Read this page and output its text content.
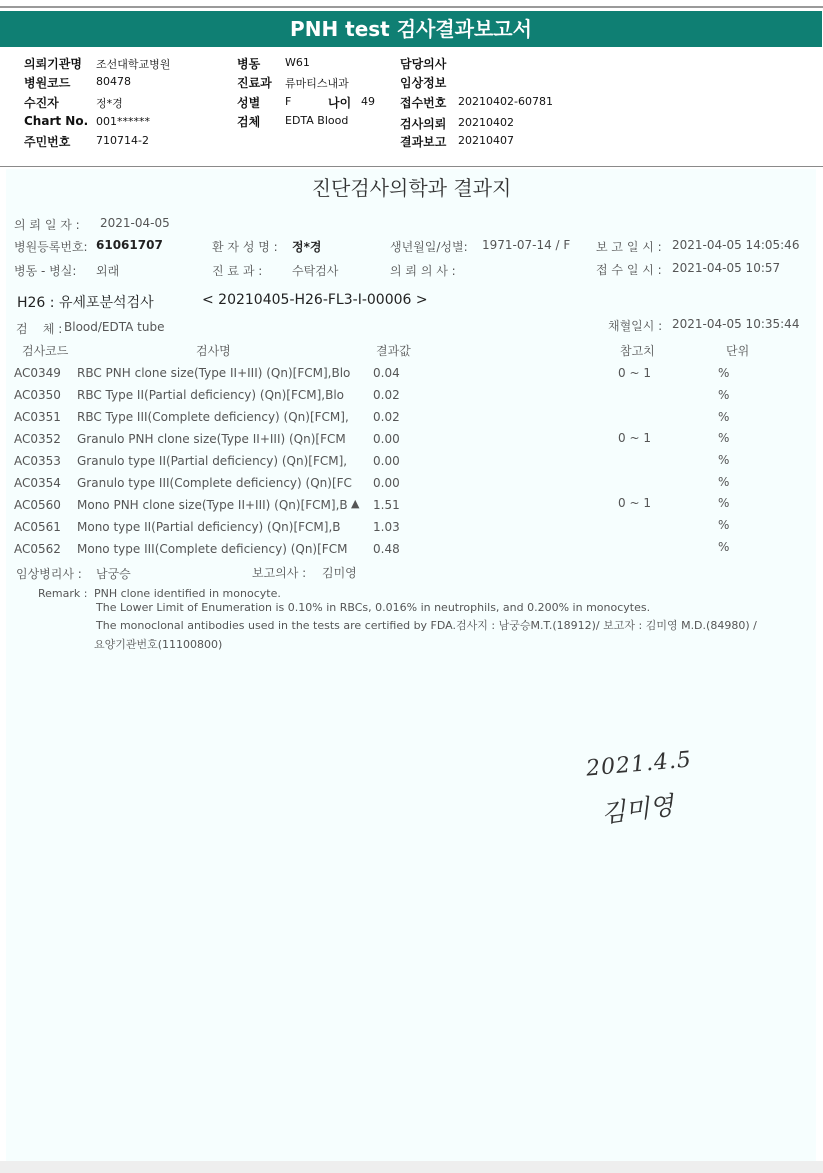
PNH test 검사결과보고서
의뢰기관명 조선대학교병원
병원코드 80478
수진자	정*경
Chart No. 001******
주민번호 710714-2
병동 W61
진료과 류마티스내과
성별 F	나이 49
검체 EDTA Blood
담당의사
임상정보
접수번호 20210402-60781
검사의뢰 20210402
결과보고 20210407
진단검사의학과 결과지
의 뢰 일 자 : 2021-04-05
병원등록번호: 61061707	환 자 성 명 : 정*경	생년월일/성별: 1971-07-14 / F 보 고 일 시 : 2021-04-05 14:05:46
병동 - 병실: 외래	진 료 과 : 수탁검사	의 뢰 의 사 :	접 수 일 시 : 2021-04-05 10:57
H26 : 유세포분석검사	< 20210405-H26-FL3-I-00006 >
검    체 : Blood/EDTA tube	채혈일시 : 2021-04-05 10:35:44
검사코드	검사명	결과값	참고치	단위
AC0349 RBC PNH clone size(Type II+III) (Qn)[FCM],Blo 0.04	0 ~ 1	%
AC0350 RBC Type II(Partial deficiency) (Qn)[FCM],Blo 0.02	%
AC0351 RBC Type III(Complete deficiency) (Qn)[FCM], 0.02	%
AC0352 Granulo PNH clone size(Type II+III) (Qn)[FCM 0.00	0 ~ 1	%
AC0353 Granulo type II(Partial deficiency) (Qn)[FCM], 0.00	%
AC0354 Granulo type III(Complete deficiency) (Qn)[FC 0.00	%
AC0560 Mono PNH clone size(Type II+III) (Qn)[FCM],B ▲ 1.51	0 ~ 1	%
AC0561 Mono type II(Partial deficiency) (Qn)[FCM],B	1.03	%
AC0562 Mono type III(Complete deficiency) (Qn)[FCM 0.48	%
임상병리사 : 남궁승	보고의사 : 김미영
Remark : PNH clone identified in monocyte.
The Lower Limit of Enumeration is 0.10% in RBCs, 0.016% in neutrophils, and 0.200% in monocytes.
The monoclonal antibodies used in the tests are certified by FDA.검사지 : 남궁승M.T.(18912)/ 보고자 : 김미영 M.D.(84980) /
요양기관번호(11100800)
2021.4.5
김미영
